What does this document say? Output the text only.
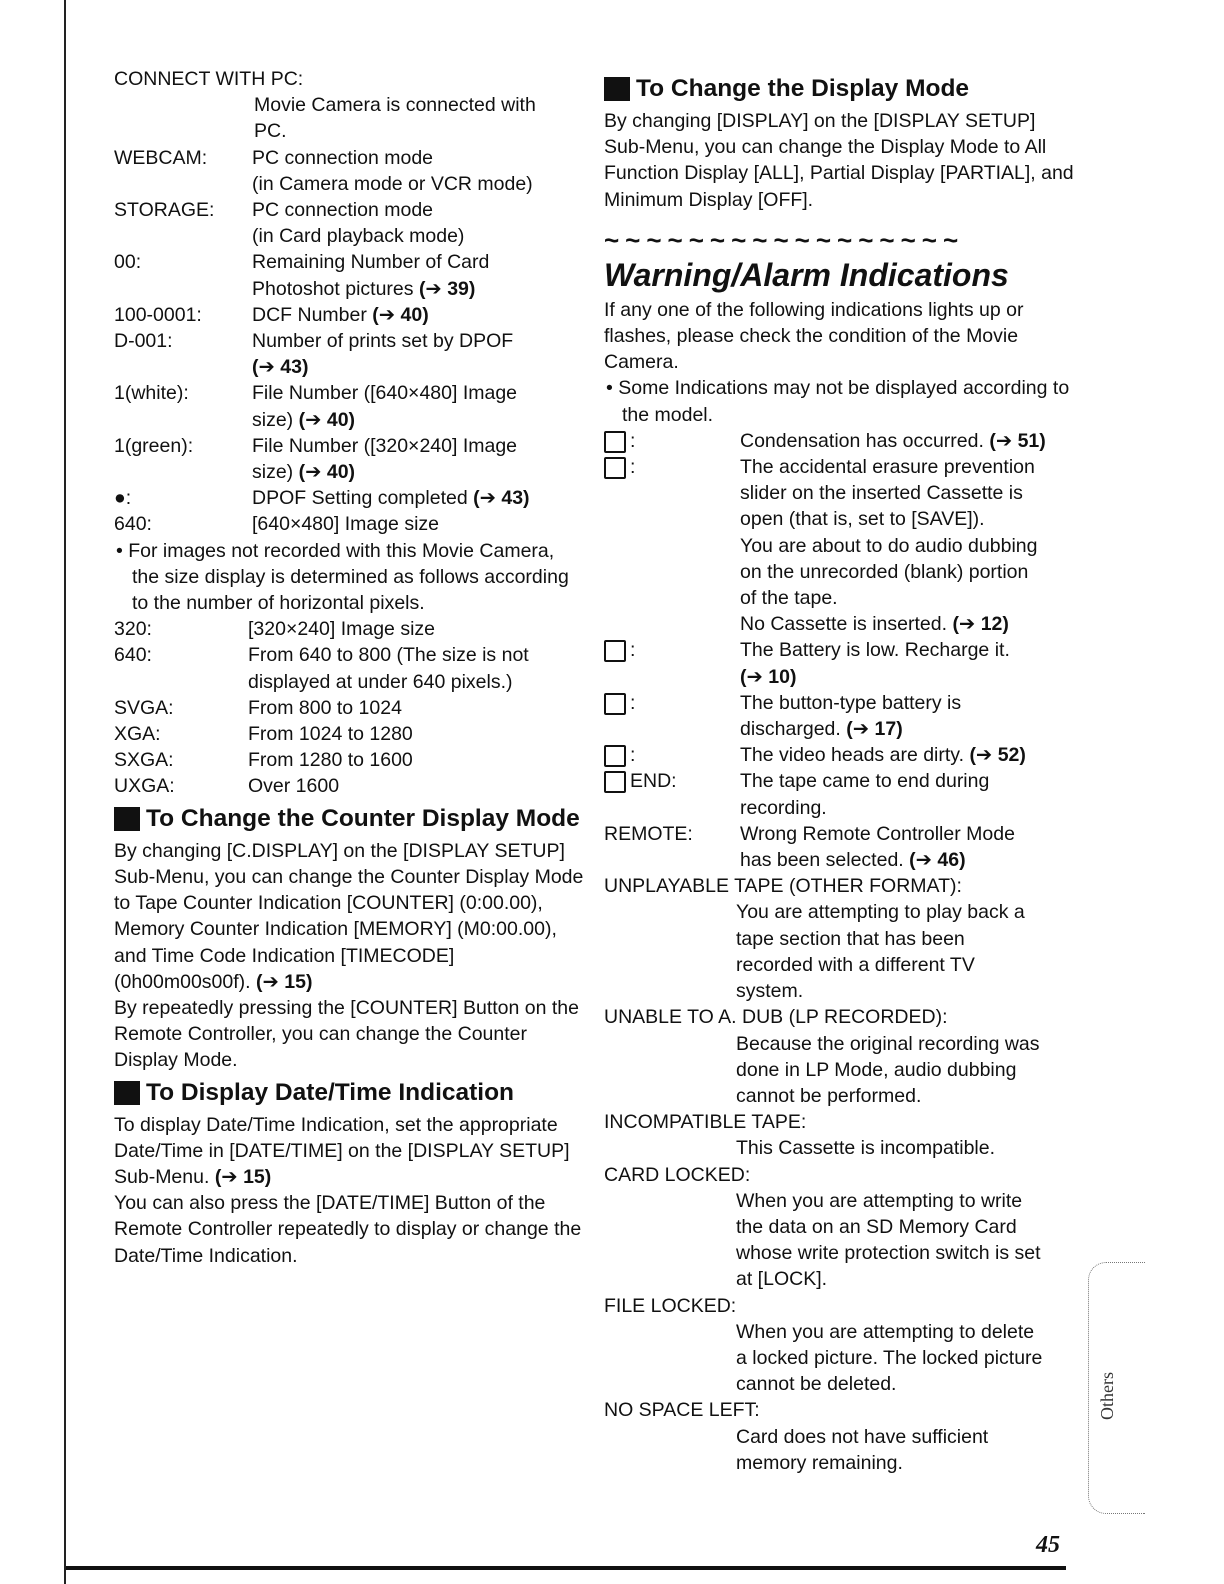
CONNECT WITH PC:
Movie Camera is connected with
PC.
WEBCAM: PC connection mode
(in Camera mode or VCR mode)
STORAGE: PC connection mode
(in Card playback mode)
00:	Remaining Number of Card
Photoshot pictures (➔ 39)
100-0001:	DCF Number (➔ 40)
D-001:	Number of prints set by DPOF
(➔ 43)
1(white):	File Number ([640×480] Image
size) (➔ 40)
1(green):	File Number ([320×240] Image
size) (➔ 40)
●:	DPOF Setting completed (➔ 43)
640:	[640×480] Image size
• For images not recorded with this Movie Camera, the size display is determined as follows according to the number of horizontal pixels.
320:	[320×240] Image size
640:	From 640 to 800 (The size is not
displayed at under 640 pixels.)
SVGA:	From 800 to 1024
XGA:	From 1024 to 1280
SXGA:	From 1280 to 1600
UXGA:	Over 1600
To Change the Counter Display Mode

By changing [C.DISPLAY] on the [DISPLAY SETUP] Sub-Menu, you can change the Counter Display Mode to Tape Counter Indication [COUNTER] (0:00.00), Memory Counter Indication [MEMORY] (M0:00.00), and Time Code Indication [TIMECODE] (0h00m00s00f). (➔ 15)

By repeatedly pressing the [COUNTER] Button on the Remote Controller, you can change the Counter Display Mode.

To Display Date/Time Indication

To display Date/Time Indication, set the appropriate Date/Time in [DATE/TIME] on the [DISPLAY SETUP] Sub-Menu. (➔ 15)

You can also press the [DATE/TIME] Button of the Remote Controller repeatedly to display or change the Date/Time Indication.

To Change the Display Mode

By changing [DISPLAY] on the [DISPLAY SETUP] Sub-Menu, you can change the Display Mode to All Function Display [ALL], Partial Display [PARTIAL], and Minimum Display [OFF].

~~~~~~~~~~~~~~~~~
Warning/Alarm Indications

If any one of the following indications lights up or flashes, please check the condition of the Movie Camera.

• Some Indications may not be displayed according to the model.
:	Condensation has occurred. (➔ 51)
:	The accidental erasure prevention
slider on the inserted Cassette is
open (that is, set to [SAVE]).
You are about to do audio dubbing
on the unrecorded (blank) portion
of the tape.
No Cassette is inserted. (➔ 12)
:	The Battery is low. Recharge it.
(➔ 10)
:	The button-type battery is
discharged. (➔ 17)
:	The video heads are dirty. (➔ 52)
END:	The tape came to end during
recording.
REMOTE: Wrong Remote Controller Mode
has been selected. (➔ 46)
UNPLAYABLE TAPE (OTHER FORMAT):
You are attempting to play back a
tape section that has been
recorded with a different TV
system.
UNABLE TO A. DUB (LP RECORDED):
Because the original recording was
done in LP Mode, audio dubbing
cannot be performed.
INCOMPATIBLE TAPE:
This Cassette is incompatible.
CARD LOCKED:
When you are attempting to write
the data on an SD Memory Card
whose write protection switch is set
at [LOCK].
FILE LOCKED:
When you are attempting to delete
a locked picture. The locked picture
cannot be deleted.
NO SPACE LEFT:
Card does not have sufficient
memory remaining.
Others
45
